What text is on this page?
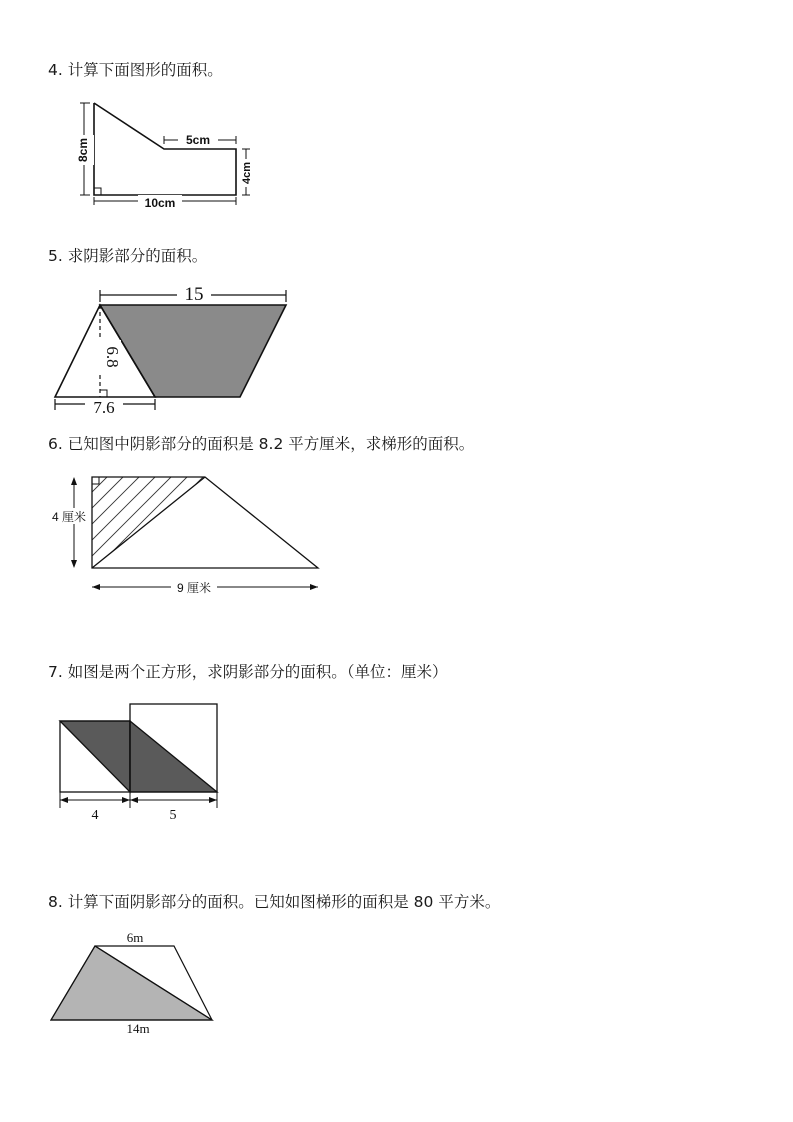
4. 计算下面图形的面积。
8cm	5cm
4cm
10cm
5. 求阴影部分的面积。
15
6.8
7.6
6. 已知图中阴影部分的面积是 8.2 平方厘米，求梯形的面积。
4 厘米
9 厘米
7. 如图是两个正方形，求阴影部分的面积。（单位：厘米）
4	5
8. 计算下面阴影部分的面积。已知如图梯形的面积是 80 平方米。
6m
14m
